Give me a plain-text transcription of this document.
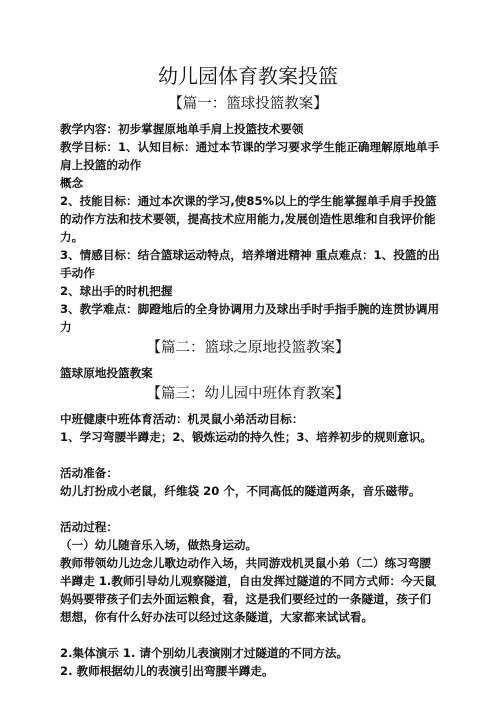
幼儿园体育教案投篮
【篇一：篮球投篮教案】

教学内容：初步掌握原地单手肩上投篮技术要领

教学目标：1、认知目标：通过本节课的学习要求学生能正确理解原地单手肩上投篮的动作

概念

2、技能目标：通过本次课的学习,使85%以上的学生能掌握单手肩手投篮的动作方法和技术要领，提高技术应用能力,发展创造性思维和自我评价能力。

3、情感目标：结合篮球运动特点，培养增进精神 重点难点：1、投篮的出手动作

2、球出手的时机把握

3、教学难点：脚蹬地后的全身协调用力及球出手时手指手腕的连贯协调用力

【篇二：篮球之原地投篮教案】

篮球原地投篮教案

【篇三：幼儿园中班体育教案】

中班健康中班体育活动：机灵鼠小弟活动目标：

1、学习弯腰半蹲走；2、锻炼运动的持久性；3、培养初步的规则意识。

活动准备：

幼儿打扮成小老鼠，纤维袋 20 个，不同高低的隧道两条，音乐磁带。

活动过程：

（一）幼儿随音乐入场，做热身运动。

教师带领幼儿边念儿歌边动作入场，共同游戏机灵鼠小弟（二）练习弯腰半蹲走 1.教师引导幼儿观察隧道，自由发挥过隧道的不同方式师：今天鼠妈妈要带孩子们去外面运粮食，看，这是我们要经过的一条隧道，孩子们想想，你有什么好办法可以经过这条隧道，大家都来试试看。

2.集体演示 1. 请个别幼儿表演刚才过隧道的不同方法。

2. 教师根据幼儿的表演引出弯腰半蹲走。
